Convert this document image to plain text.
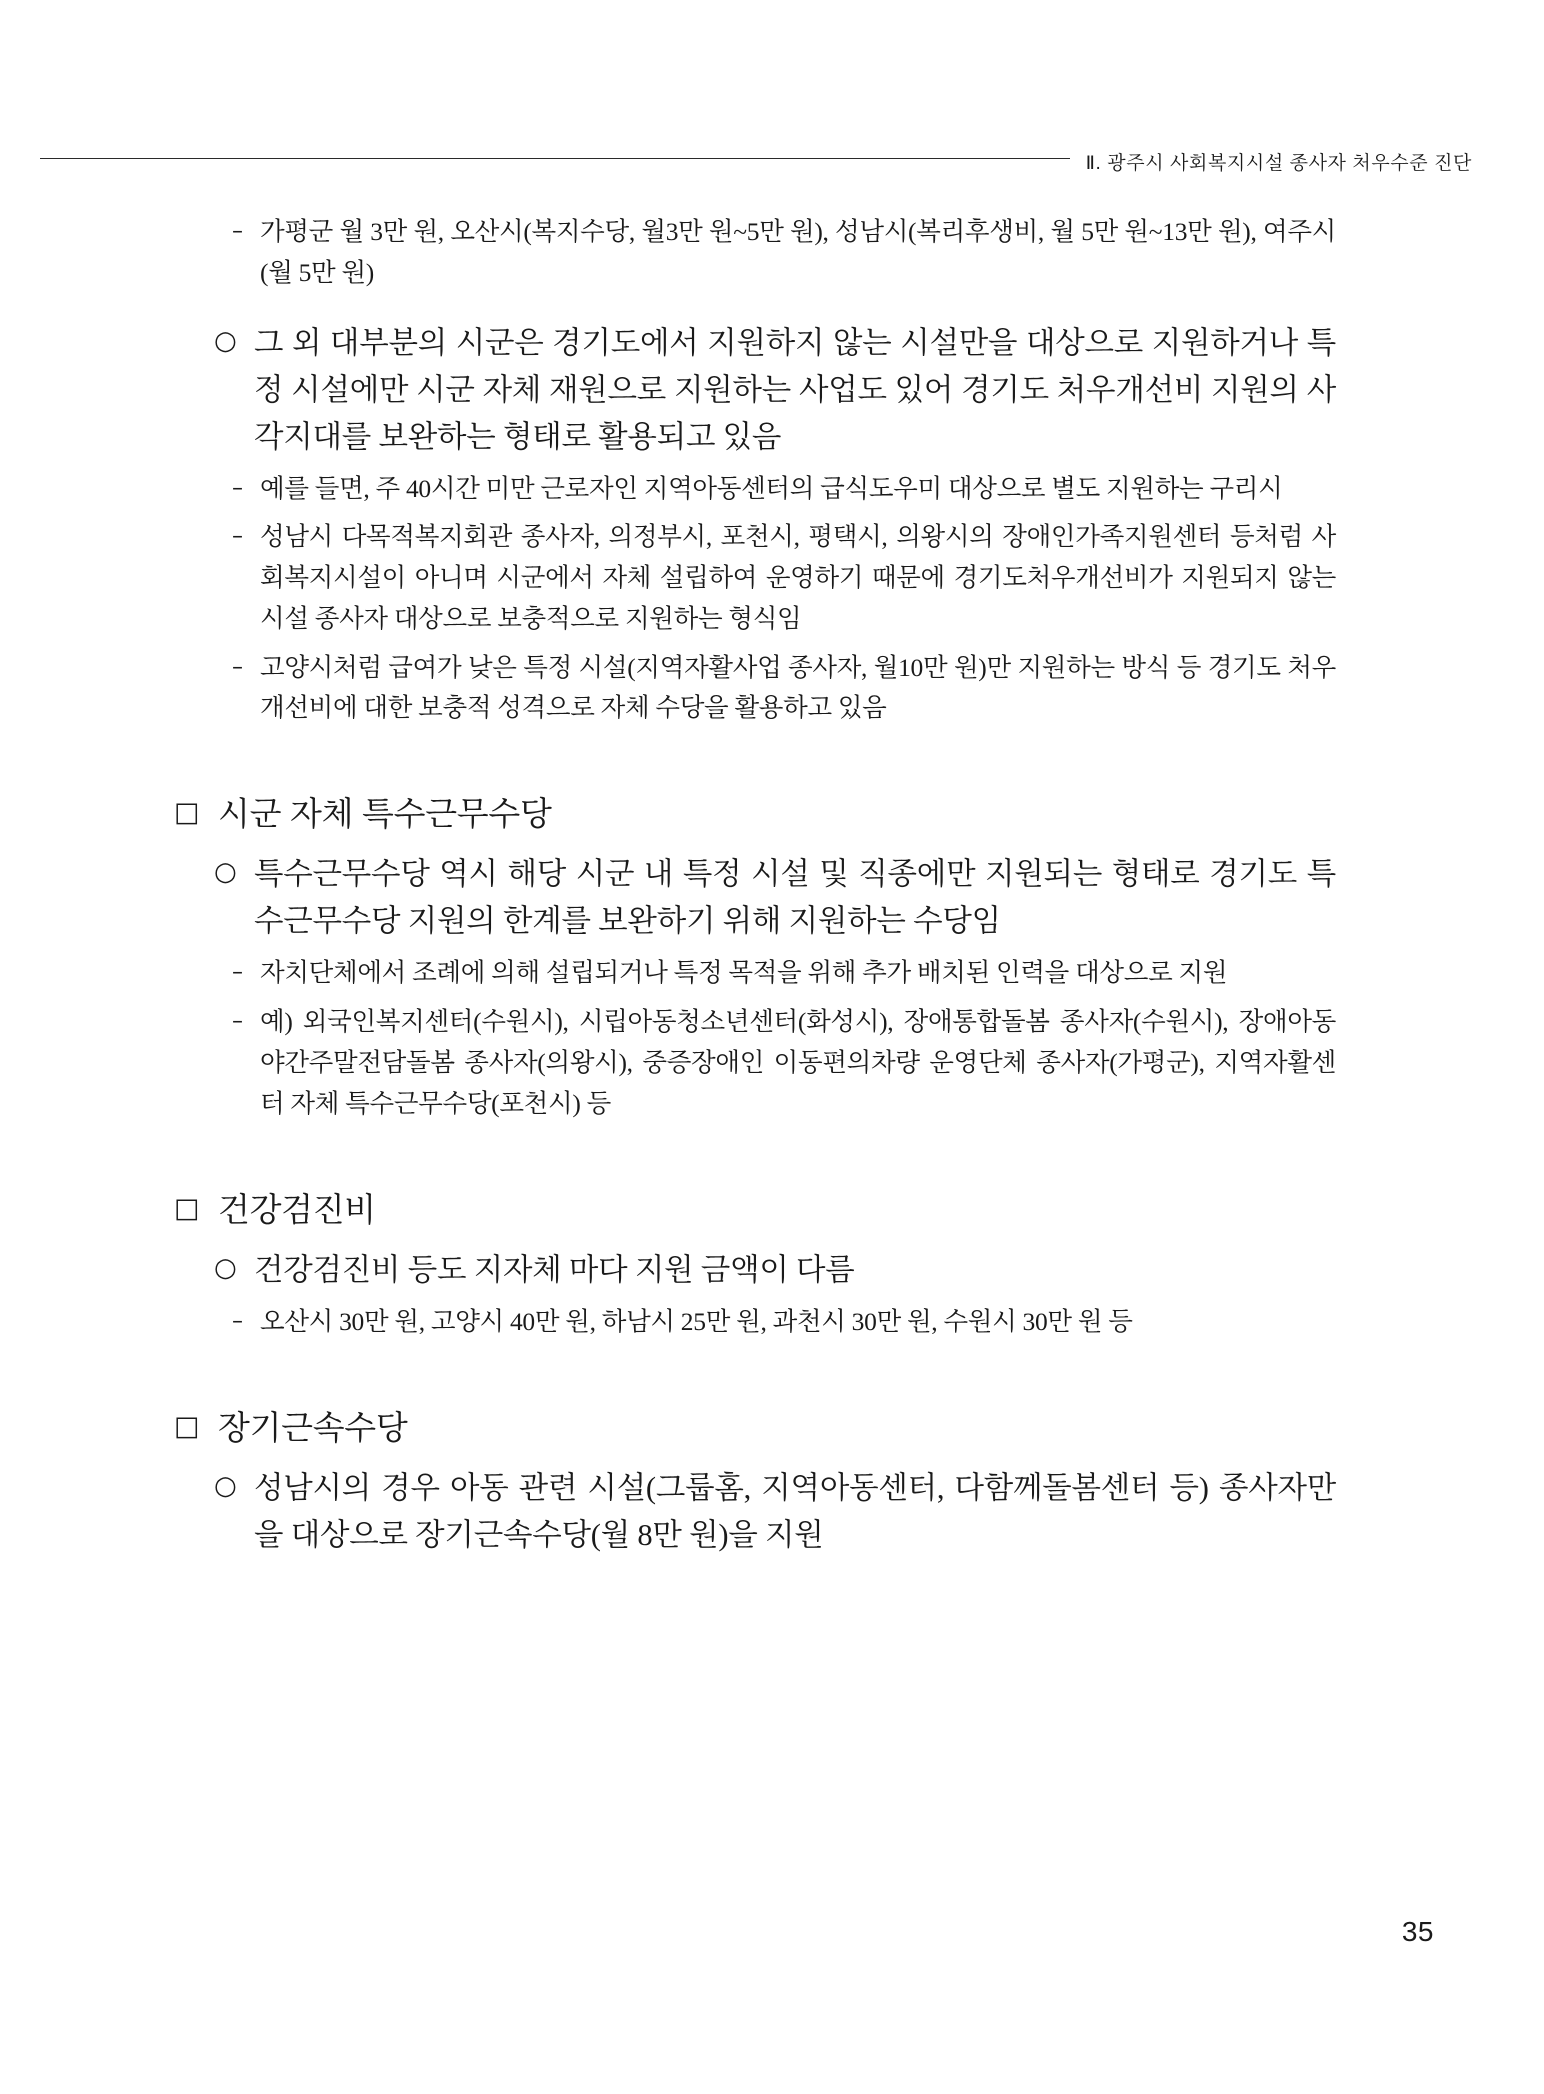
Ⅱ. 광주시 사회복지시설 종사자 처우수준 진단
– 가평군 월 3만 원, 오산시(복지수당, 월3만 원~5만 원), 성남시(복리후생비, 월 5만 원~13만 원), 여주시(월 5만 원)
○ 그 외 대부분의 시군은 경기도에서 지원하지 않는 시설만을 대상으로 지원하거나 특정 시설에만 시군 자체 재원으로 지원하는 사업도 있어 경기도 처우개선비 지원의 사각지대를 보완하는 형태로 활용되고 있음
– 예를 들면, 주 40시간 미만 근로자인 지역아동센터의 급식도우미 대상으로 별도 지원하는 구리시
– 성남시 다목적복지회관 종사자, 의정부시, 포천시, 평택시, 의왕시의 장애인가족지원센터 등처럼 사회복지시설이 아니며 시군에서 자체 설립하여 운영하기 때문에 경기도처우개선비가 지원되지 않는 시설 종사자 대상으로 보충적으로 지원하는 형식임
– 고양시처럼 급여가 낮은 특정 시설(지역자활사업 종사자, 월10만 원)만 지원하는 방식 등 경기도 처우개선비에 대한 보충적 성격으로 자체 수당을 활용하고 있음
□ 시군 자체 특수근무수당
○ 특수근무수당 역시 해당 시군 내 특정 시설 및 직종에만 지원되는 형태로 경기도 특수근무수당 지원의 한계를 보완하기 위해 지원하는 수당임
– 자치단체에서 조례에 의해 설립되거나 특정 목적을 위해 추가 배치된 인력을 대상으로 지원
– 예) 외국인복지센터(수원시), 시립아동청소년센터(화성시), 장애통합돌봄 종사자(수원시), 장애아동 야간주말전담돌봄 종사자(의왕시), 중증장애인 이동편의차량 운영단체 종사자(가평군), 지역자활센터 자체 특수근무수당(포천시) 등
□ 건강검진비
○ 건강검진비 등도 지자체 마다 지원 금액이 다름
– 오산시 30만 원, 고양시 40만 원, 하남시 25만 원, 과천시 30만 원, 수원시 30만 원 등
□ 장기근속수당
○ 성남시의 경우 아동 관련 시설(그룹홈, 지역아동센터, 다함께돌봄센터 등) 종사자만을 대상으로 장기근속수당(월 8만 원)을 지원
35
